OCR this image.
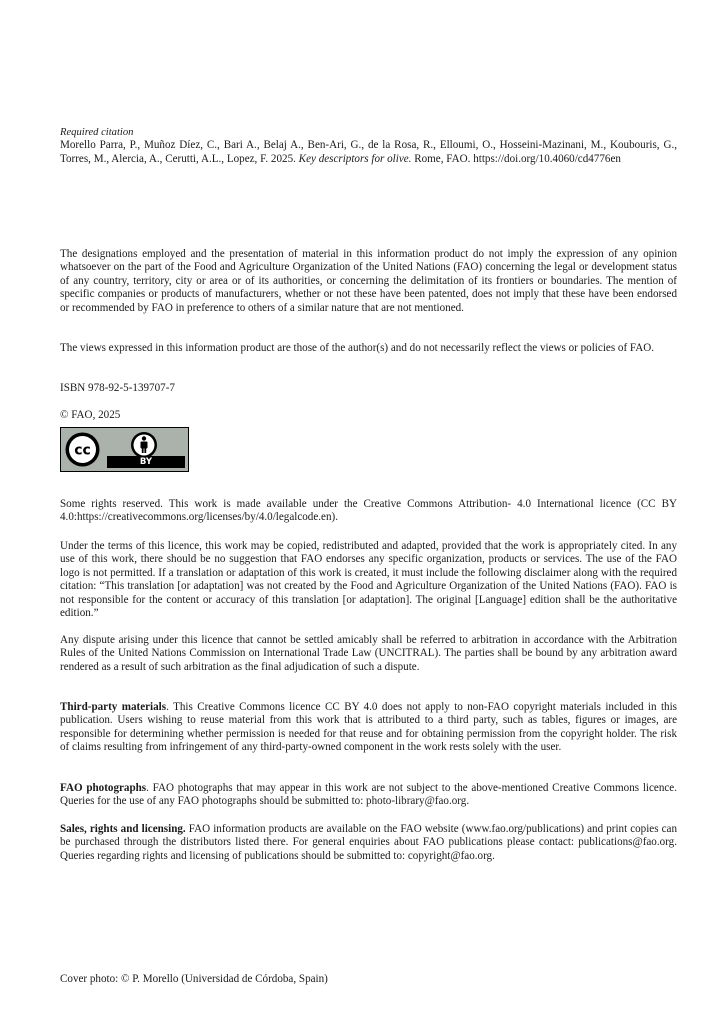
Required citation

Morello Parra, P., Muñoz Díez, C., Bari A., Belaj A., Ben-Ari, G., de la Rosa, R., Elloumi, O., Hosseini-Mazinani, M., Koubouris, G., Torres, M., Alercia, A., Cerutti, A.L., Lopez, F. 2025. Key descriptors for olive. Rome, FAO. https://doi.org/10.4060/cd4776en

The designations employed and the presentation of material in this information product do not imply the expression of any opinion whatsoever on the part of the Food and Agriculture Organization of the United Nations (FAO) concerning the legal or development status of any country, territory, city or area or of its authorities, or concerning the delimitation of its frontiers or boundaries. The mention of specific companies or products of manufacturers, whether or not these have been patented, does not imply that these have been endorsed or recommended by FAO in preference to others of a similar nature that are not mentioned.

The views expressed in this information product are those of the author(s) and do not necessarily reflect the views or policies of FAO.

ISBN 978-92-5-139707-7

© FAO, 2025

cc
BY

Some rights reserved. This work is made available under the Creative Commons Attribution- 4.0 International licence (CC BY 4.0:https://creativecommons.org/licenses/by/4.0/legalcode.en).

Under the terms of this licence, this work may be copied, redistributed and adapted, provided that the work is appropriately cited. In any use of this work, there should be no suggestion that FAO endorses any specific organization, products or services. The use of the FAO logo is not permitted. If a translation or adaptation of this work is created, it must include the following disclaimer along with the required citation: “This translation [or adaptation] was not created by the Food and Agriculture Organization of the United Nations (FAO). FAO is not responsible for the content or accuracy of this translation [or adaptation]. The original [Language] edition shall be the authoritative edition.”

Any dispute arising under this licence that cannot be settled amicably shall be referred to arbitration in accordance with the Arbitration Rules of the United Nations Commission on International Trade Law (UNCITRAL). The parties shall be bound by any arbitration award rendered as a result of such arbitration as the final adjudication of such a dispute.

Third-party materials. This Creative Commons licence CC BY 4.0 does not apply to non-FAO copyright materials included in this publication. Users wishing to reuse material from this work that is attributed to a third party, such as tables, figures or images, are responsible for determining whether permission is needed for that reuse and for obtaining permission from the copyright holder. The risk of claims resulting from infringement of any third-party-owned component in the work rests solely with the user.

FAO photographs. FAO photographs that may appear in this work are not subject to the above-mentioned Creative Commons licence. Queries for the use of any FAO photographs should be submitted to: photo-library@fao.org.

Sales, rights and licensing. FAO information products are available on the FAO website (www.fao.org/publications) and print copies can be purchased through the distributors listed there. For general enquiries about FAO publications please contact: publications@fao.org. Queries regarding rights and licensing of publications should be submitted to: copyright@fao.org.

Cover photo: © P. Morello (Universidad de Córdoba, Spain)
